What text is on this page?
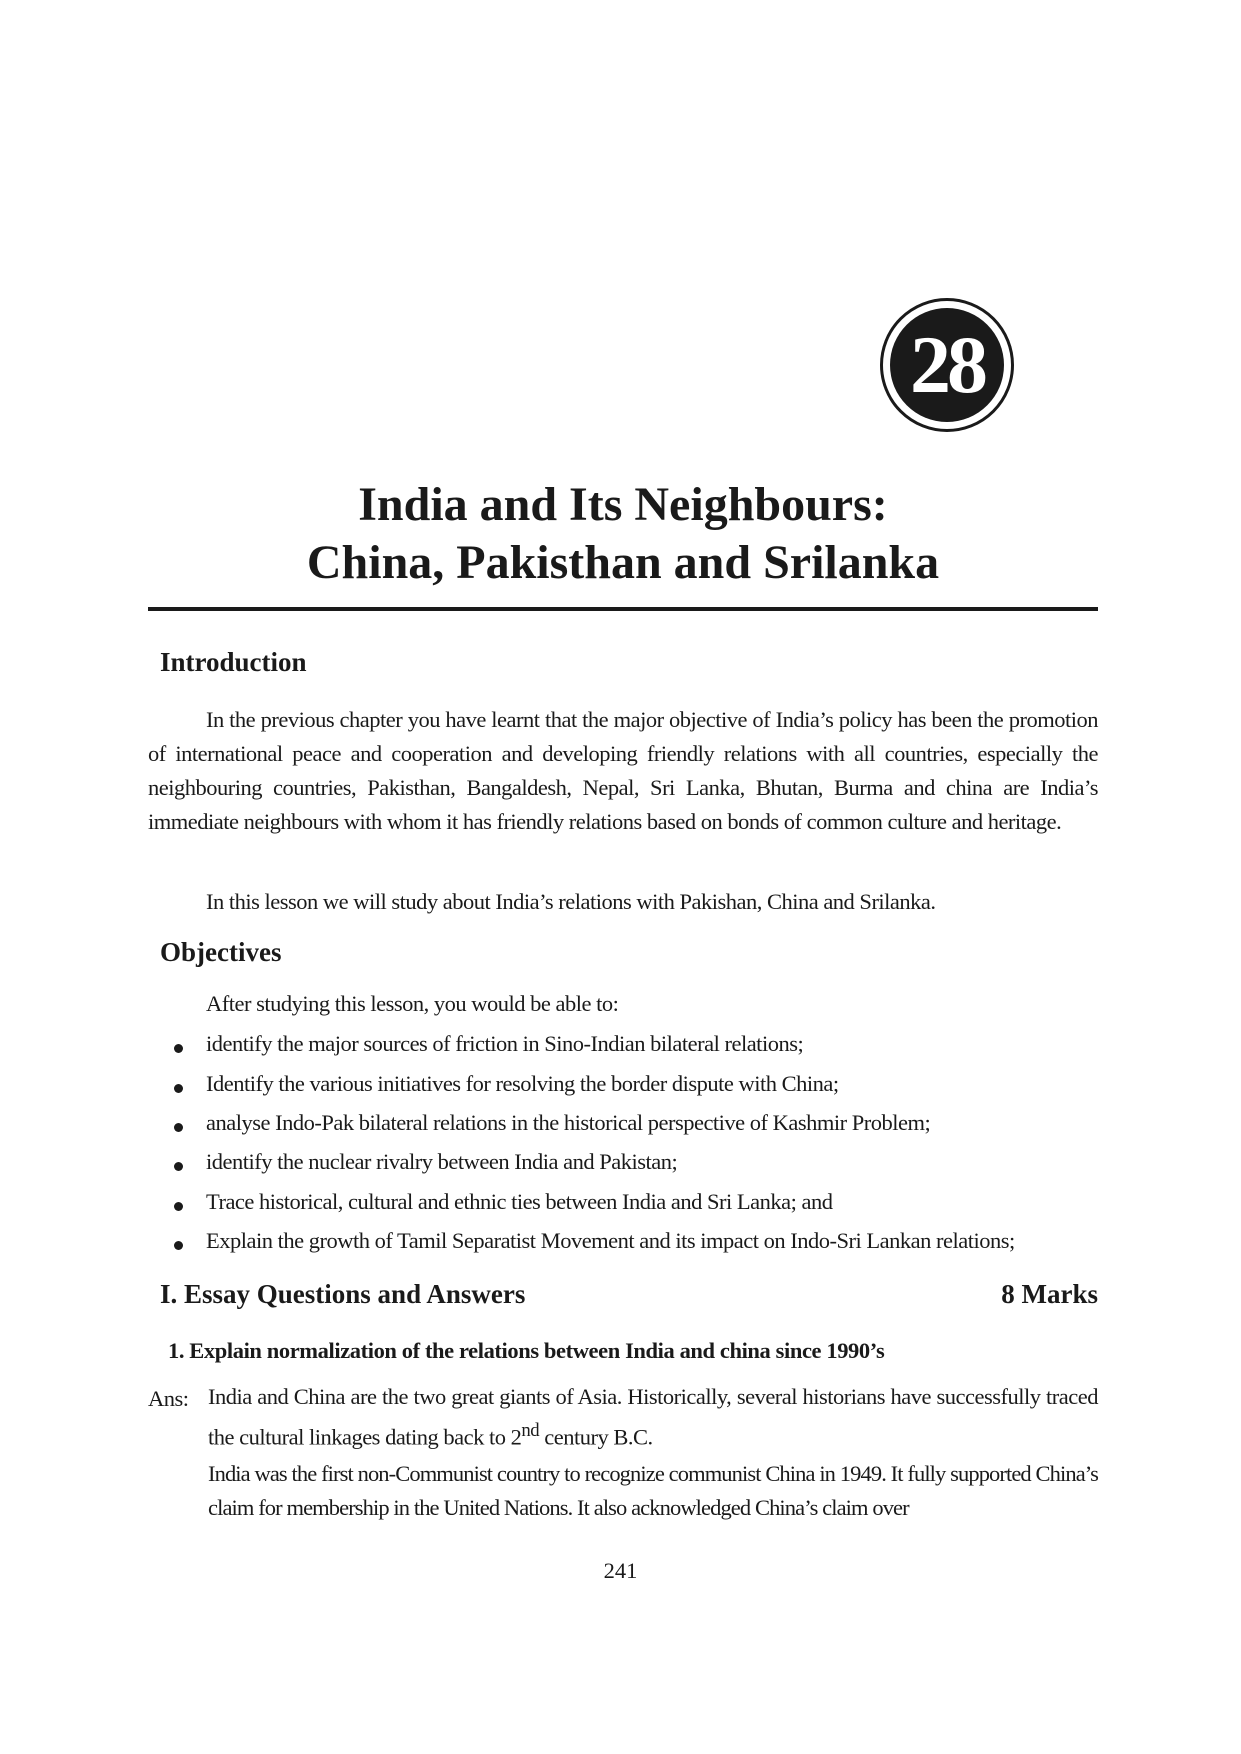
28
India and Its Neighbours:
China, Pakisthan and Srilanka
Introduction
In the previous chapter you have learnt that the major objective of India’s policy has been the promotion of international peace and cooperation and developing friendly relations with all countries, especially the neighbouring countries, Pakisthan, Bangaldesh, Nepal, Sri Lanka, Bhutan, Burma and china are India’s immediate neighbours with whom it has friendly relations based on bonds of common culture and heritage.
In this lesson we will study about India’s relations with Pakishan, China and Srilanka.
Objectives
After studying this lesson, you would be able to:
identify the major sources of friction in Sino-Indian bilateral relations;
Identify the various initiatives for resolving the border dispute with China;
analyse Indo-Pak bilateral relations in the historical perspective of Kashmir Problem;
identify the nuclear rivalry between India and Pakistan;
Trace historical, cultural and ethnic ties between India and Sri Lanka; and
Explain the growth of Tamil Separatist Movement and its impact on Indo-Sri Lankan relations;
I. Essay Questions and Answers	8 Marks
1. Explain normalization of the relations between India and china since 1990’s
Ans: India and China are the two great giants of Asia. Historically, several historians have successfully traced the cultural linkages dating back to 2nd century B.C.
India was the first non-Communist country to recognize communist China in 1949. It fully supported China’s claim for membership in the United Nations. It also acknowledged China’s claim over
241
